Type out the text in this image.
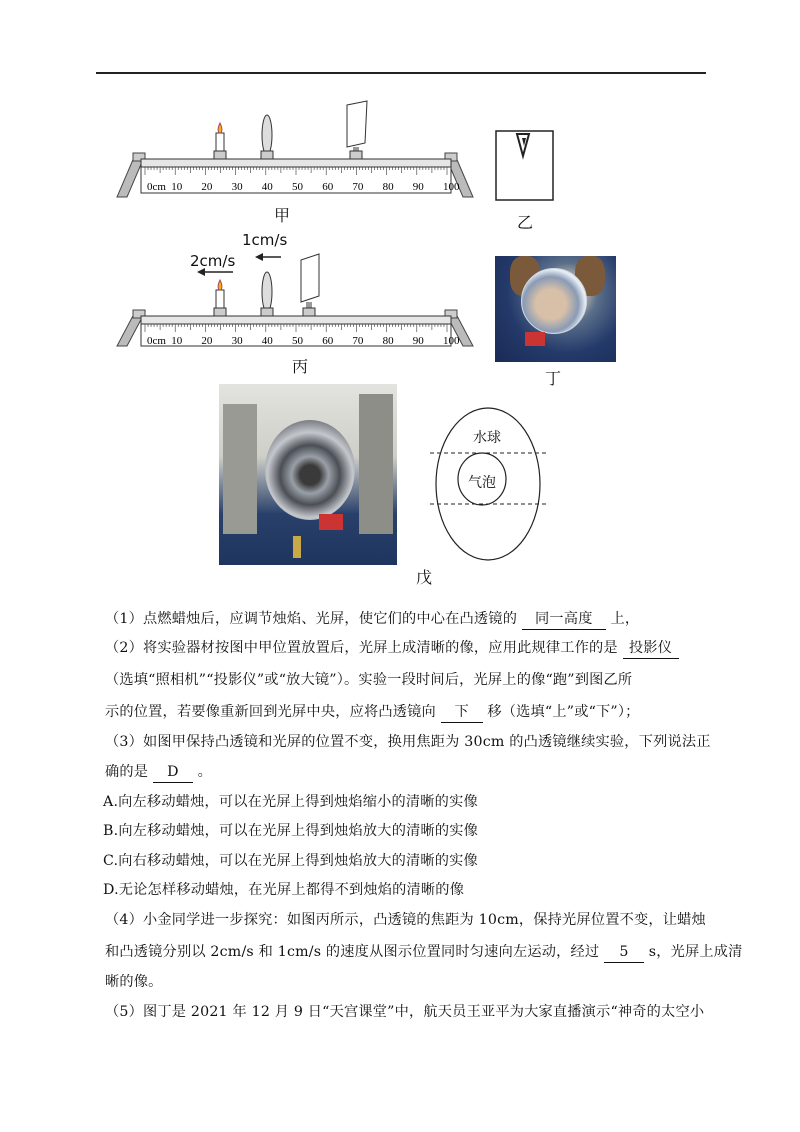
0cm 10 20 30 40 50 60 70 80 90 100
甲	乙
0cm 10 20 30 40 50 60 70 80 90 100
1cm/s
2cm/s
丙
丁
水球
气泡
戊
（1）点燃蜡烛后，应调节烛焰、光屏，使它们的中心在凸透镜的 同一高度 上，
（2）将实验器材按图中甲位置放置后，光屏上成清晰的像，应用此规律工作的是 投影仪
（选填“照相机”“投影仪”或“放大镜”）。实验一段时间后，光屏上的像“跑”到图乙所
示的位置，若要像重新回到光屏中央，应将凸透镜向 下 移（选填“上”或“下”）；
（3）如图甲保持凸透镜和光屏的位置不变，换用焦距为 30cm 的凸透镜继续实验，下列说法正
确的是 D 。
A.向左移动蜡烛，可以在光屏上得到烛焰缩小的清晰的实像
B.向左移动蜡烛，可以在光屏上得到烛焰放大的清晰的实像
C.向右移动蜡烛，可以在光屏上得到烛焰放大的清晰的实像
D.无论怎样移动蜡烛，在光屏上都得不到烛焰的清晰的像
（4）小金同学进一步探究：如图丙所示，凸透镜的焦距为 10cm，保持光屏位置不变，让蜡烛
和凸透镜分别以 2cm/s 和 1cm/s 的速度从图示位置同时匀速向左运动，经过 5 s，光屏上成清
晰的像。
（5）图丁是 2021 年 12 月 9 日“天宫课堂”中，航天员王亚平为大家直播演示“神奇的太空小
